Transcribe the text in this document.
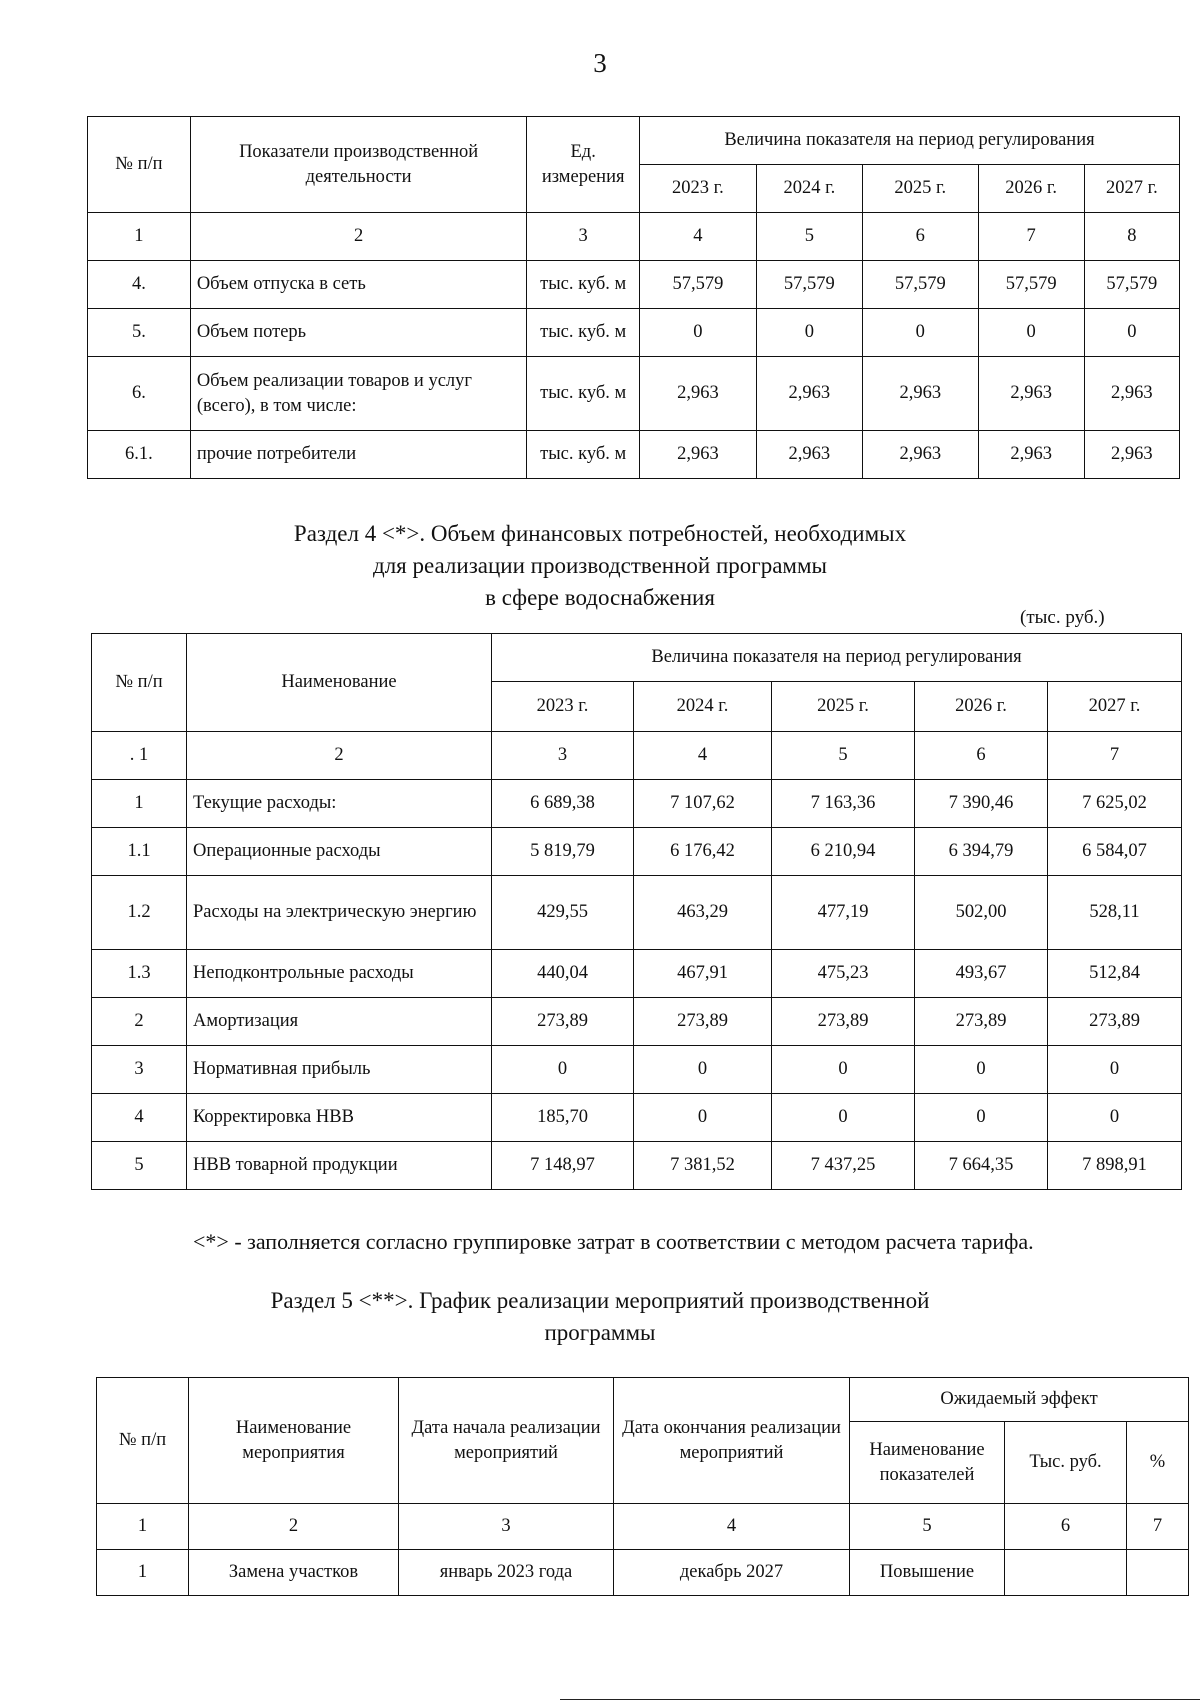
3
№ п/п	Показатели производственной деятельности	Ед. измерения	Величина показателя на период регулирования				
			2023 г.	2024 г.	2025 г.	2026 г.	2027 г.
1	2	3	4	5	6	7	8
4.	Объем отпуска в сеть	тыс. куб. м	57,579	57,579	57,579	57,579	57,579
5.	Объем потерь	тыс. куб. м	0	0	0	0	0
6.	Объем реализации товаров и услуг (всего), в том числе:	тыс. куб. м	2,963	2,963	2,963	2,963	2,963
6.1.	прочие потребители	тыс. куб. м	2,963	2,963	2,963	2,963	2,963
Раздел 4 <*>. Объем финансовых потребностей, необходимых
для реализации производственной программы
в сфере водоснабжения
(тыс. руб.)
№ п/п	Наименование	Величина показателя на период регулирования				
		2023 г.	2024 г.	2025 г.	2026 г.	2027 г.
. 1	2	3	4	5	6	7
1	Текущие расходы:	6 689,38	7 107,62	7 163,36	7 390,46	7 625,02
1.1	Операционные расходы	5 819,79	6 176,42	6 210,94	6 394,79	6 584,07
1.2	Расходы на электрическую энергию	429,55	463,29	477,19	502,00	528,11
1.3	Неподконтрольные расходы	440,04	467,91	475,23	493,67	512,84
2	Амортизация	273,89	273,89	273,89	273,89	273,89
3	Нормативная прибыль	0	0	0	0	0
4	Корректировка НВВ	185,70	0	0	0	0
5	НВВ товарной продукции	7 148,97	7 381,52	7 437,25	7 664,35	7 898,91
<*> - заполняется согласно группировке затрат в соответствии с методом расчета тарифа.
Раздел 5 <**>. График реализации мероприятий производственной
программы
№ п/п	Наименование мероприятия	Дата начала реализации мероприятий	Дата окончания реализации мероприятий	Ожидаемый эффект		
				Наименование показателей	Тыс. руб.	%
1	2	3	4	5	6	7
1	Замена участков	январь 2023 года	декабрь 2027	Повышение		
